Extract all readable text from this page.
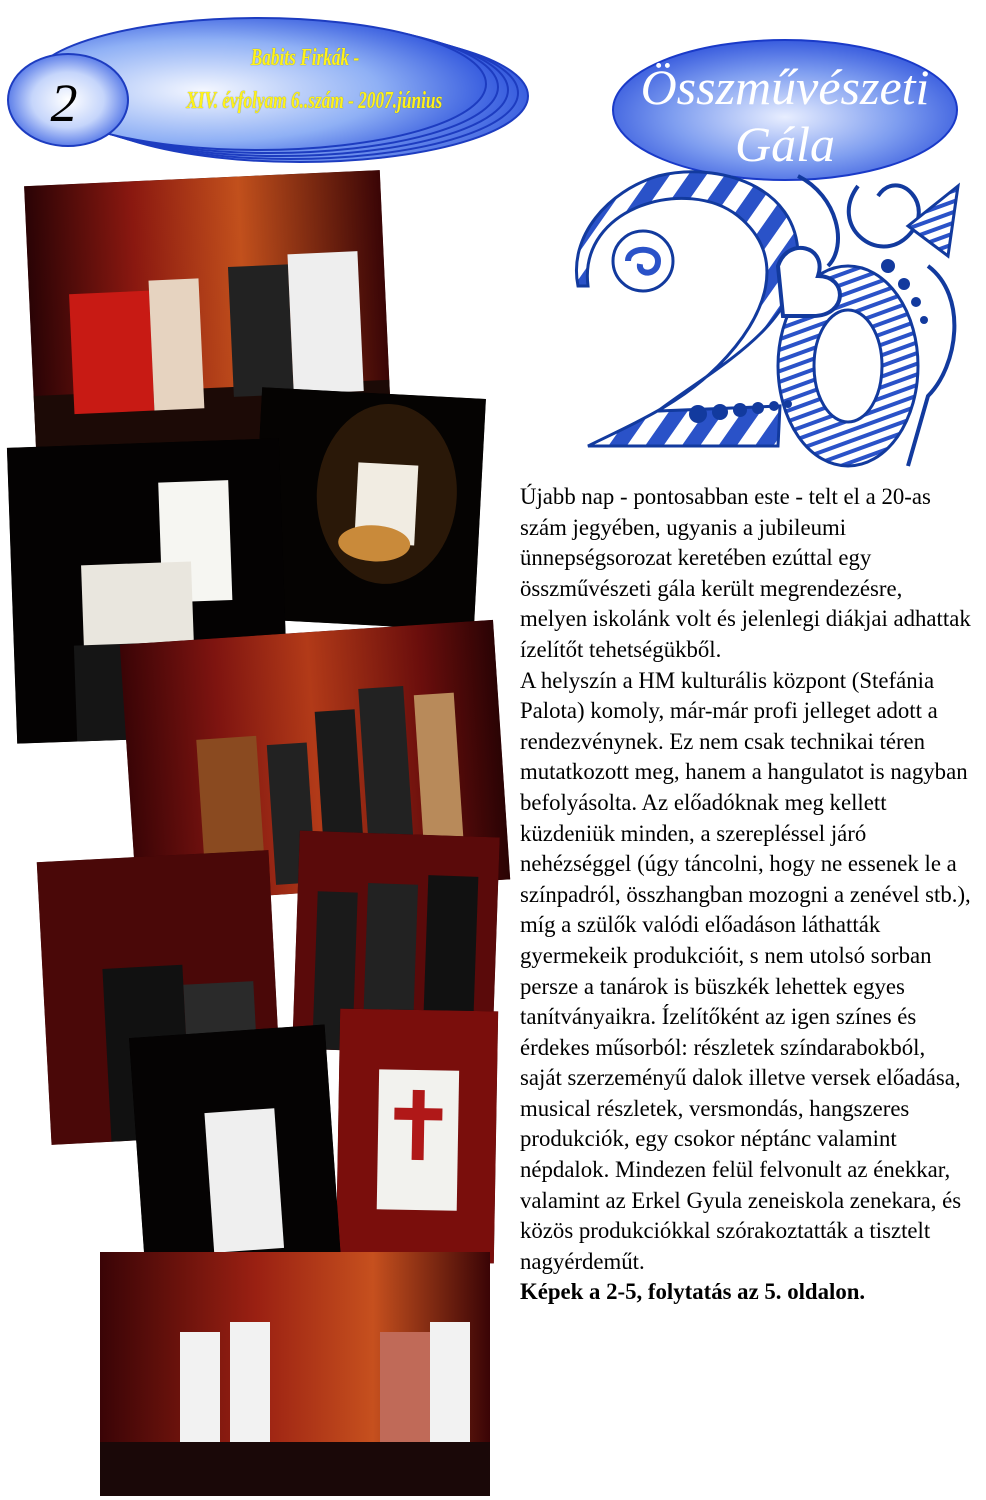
2
Babits Firkák -
XIV. évfolyam 6..szám - 2007.június	Összművészeti
Gála

Újabb nap - pontosabban este - telt el a 20-as szám jegyében, ugyanis a jubileumi ünnepségsorozat keretében ezúttal egy összművészeti gála került megrendezésre, melyen iskolánk volt és jelenlegi diákjai adhattak ízelítőt tehetségükből.

A helyszín a HM kulturális központ (Stefánia Palota) komoly, már-már profi jelleget adott a rendezvénynek. Ez nem csak technikai téren mutatkozott meg, hanem a hangulatot is nagyban befolyásolta. Az előadóknak meg kellett küzdeniük minden, a szerepléssel járó nehézséggel (úgy táncolni, hogy ne essenek le a színpadról, összhangban mozogni a zenével stb.), míg a szülők valódi előadáson láthatták gyermekeik produkcióit, s nem utolsó sorban persze a tanárok is büszkék lehettek egyes tanítványaikra. Ízelítőként az igen színes és érdekes műsorból: részletek színdarabokból, saját szerzeményű dalok illetve versek előadása, musical részletek, versmondás, hangszeres produkciók, egy csokor néptánc valamint népdalok. Mindezen felül felvonult az énekkar, valamint az Erkel Gyula zeneiskola zenekara, és közös produkciókkal szórakoztatták a tisztelt nagyérdeműt.

Képek a 2-5, folytatás az 5. oldalon.
